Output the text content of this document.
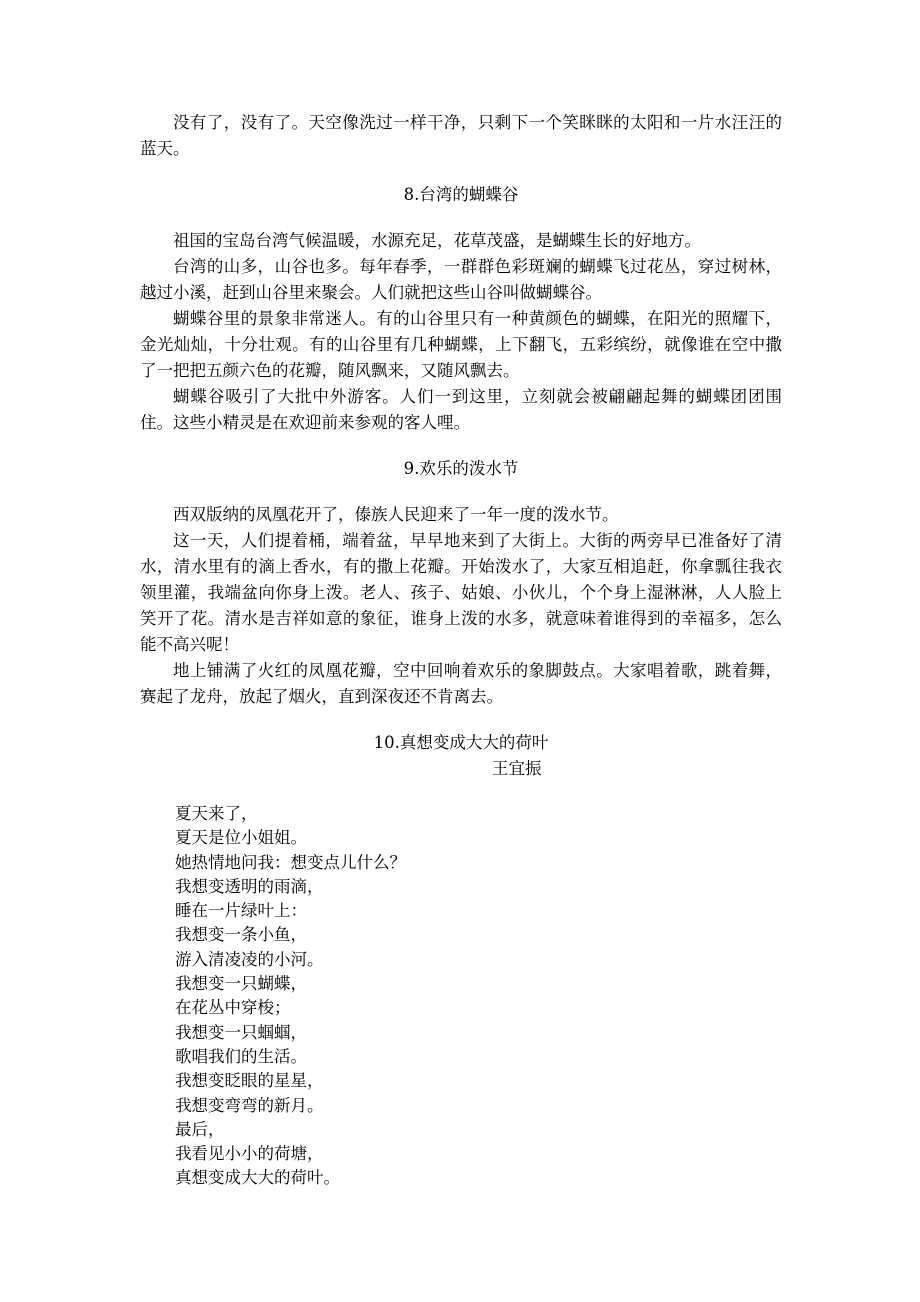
没有了，没有了。天空像洗过一样干净，只剩下一个笑眯眯的太阳和一片水汪汪的蓝天。

8.台湾的蝴蝶谷

祖国的宝岛台湾气候温暖，水源充足，花草茂盛，是蝴蝶生长的好地方。

台湾的山多，山谷也多。每年春季，一群群色彩斑斓的蝴蝶飞过花丛，穿过树林，越过小溪，赶到山谷里来聚会。人们就把这些山谷叫做蝴蝶谷。

蝴蝶谷里的景象非常迷人。有的山谷里只有一种黄颜色的蝴蝶，在阳光的照耀下，金光灿灿，十分壮观。有的山谷里有几种蝴蝶，上下翻飞，五彩缤纷，就像谁在空中撒了一把把五颜六色的花瓣，随风飘来，又随风飘去。

蝴蝶谷吸引了大批中外游客。人们一到这里，立刻就会被翩翩起舞的蝴蝶团团围住。这些小精灵是在欢迎前来参观的客人哩。

9.欢乐的泼水节

西双版纳的凤凰花开了，傣族人民迎来了一年一度的泼水节。

这一天，人们提着桶，端着盆，早早地来到了大街上。大街的两旁早已准备好了清水，清水里有的滴上香水，有的撒上花瓣。开始泼水了，大家互相追赶，你拿瓢往我衣领里灌，我端盆向你身上泼。老人、孩子、姑娘、小伙儿，个个身上湿淋淋，人人脸上笑开了花。清水是吉祥如意的象征，谁身上泼的水多，就意味着谁得到的幸福多，怎么能不高兴呢！

地上铺满了火红的凤凰花瓣，空中回响着欢乐的象脚鼓点。大家唱着歌，跳着舞，赛起了龙舟，放起了烟火，直到深夜还不肯离去。

10.真想变成大大的荷叶

王宜振

夏天来了，

夏天是位小姐姐。

她热情地问我：想变点儿什么？

我想变透明的雨滴，

睡在一片绿叶上：

我想变一条小鱼，

游入清凌凌的小河。

我想变一只蝴蝶，

在花丛中穿梭；

我想变一只蝈蝈，

歌唱我们的生活。

我想变眨眼的星星，

我想变弯弯的新月。

最后，

我看见小小的荷塘，

真想变成大大的荷叶。
